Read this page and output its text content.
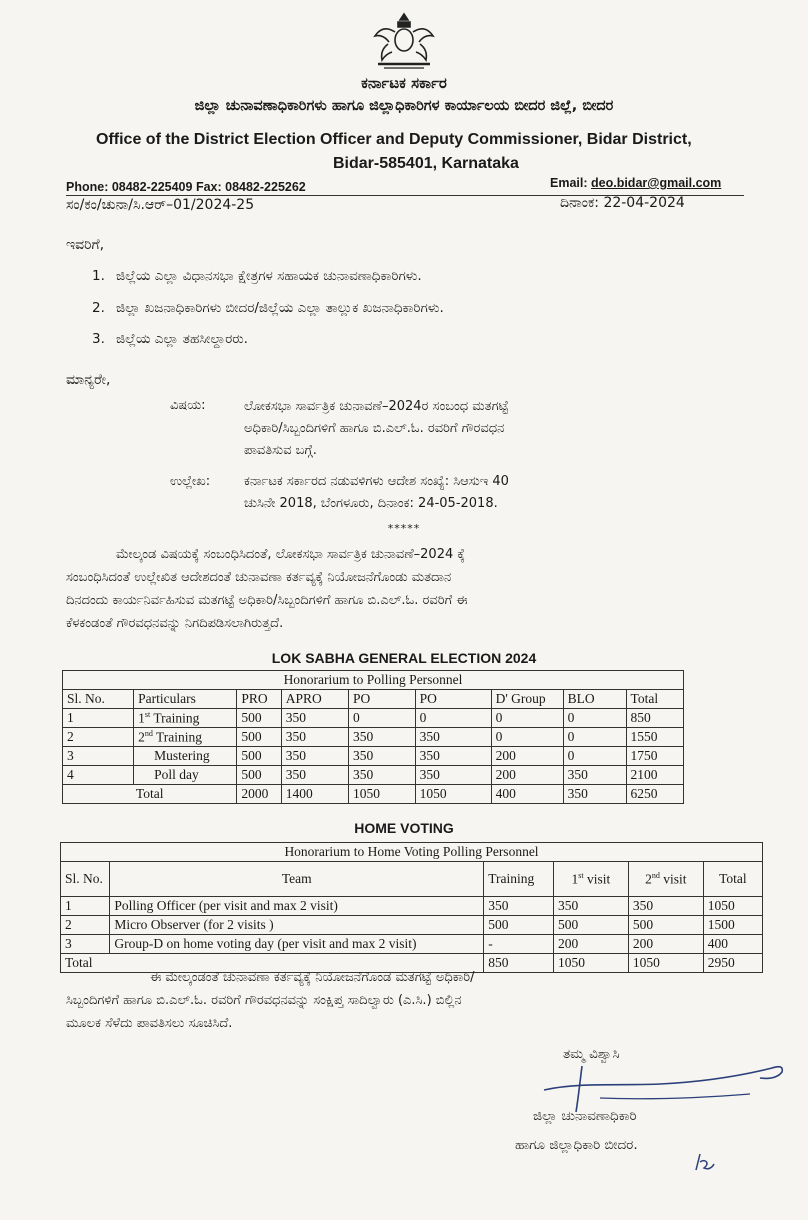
ಕರ್ನಾಟಕ ಸರ್ಕಾರ
ಜಿಲ್ಲಾ ಚುನಾವಣಾಧಿಕಾರಿಗಳು ಹಾಗೂ ಜಿಲ್ಲಾಧಿಕಾರಿಗಳ ಕಾರ್ಯಾಲಯ ಬೀದರ ಜಿಲ್ಲೆ, ಬೀದರ
Office of the District Election Officer and Deputy Commissioner, Bidar District,
Bidar-585401, Karnataka
Phone: 08482-225409 Fax: 08482-225262	Email: deo.bidar@gmail.com
ಸಂ/ಕಂ/ಚುನಾ/ಸಿ.ಆರ್–01/2024-25	ದಿನಾಂಕ: 22-04-2024
ಇವರಿಗೆ,
1. ಜಿಲ್ಲೆಯ ಎಲ್ಲಾ ವಿಧಾನಸಭಾ ಕ್ಷೇತ್ರಗಳ ಸಹಾಯಕ ಚುನಾವಣಾಧಿಕಾರಿಗಳು.
2. ಜಿಲ್ಲಾ ಖಜನಾಧಿಕಾರಿಗಳು ಬೀದರ/ಜಿಲ್ಲೆಯ ಎಲ್ಲಾ ತಾಲ್ಲುಕ ಖಜನಾಧಿಕಾರಿಗಳು.
3. ಜಿಲ್ಲೆಯ ಎಲ್ಲಾ ತಹಸೀಲ್ದಾರರು.
ಮಾನ್ಯರೇ,
ವಿಷಯ:	ಲೋಕಸಭಾ ಸಾರ್ವತ್ರಿಕ ಚುನಾವಣೆ–2024ರ ಸಂಬಂಧ ಮತಗಟ್ಟೆ
ಅಧಿಕಾರಿ/ಸಿಬ್ಬಂದಿಗಳಿಗೆ ಹಾಗೂ ಬಿ.ಎಲ್.ಓ. ರವರಿಗೆ ಗೌರವಧನ
ಪಾವತಿಸುವ ಬಗ್ಗೆ.
ಉಲ್ಲೇಖ:	ಕರ್ನಾಟಕ ಸರ್ಕಾರದ ನಡುವಳಿಗಳು ಆದೇಶ ಸಂಖ್ಯೆ: ಸಿಆಸುಇ 40
ಚುಸಿನೇ 2018, ಬೆಂಗಳೂರು, ದಿನಾಂಕ: 24-05-2018.
*****
ಮೇಲ್ಕಂಡ ವಿಷಯಕ್ಕೆ ಸಂಬಂಧಿಸಿದಂತೆ, ಲೋಕಸಭಾ ಸಾರ್ವತ್ರಿಕ ಚುನಾವಣೆ–2024 ಕ್ಕೆ
ಸಂಬಂಧಿಸಿದಂತೆ ಉಲ್ಲೇಖಿತ ಆದೇಶದಂತೆ ಚುನಾವಣಾ ಕರ್ತವ್ಯಕ್ಕೆ ನಿಯೋಜನೆಗೊಂಡು ಮತದಾನ
ದಿನದಂದು ಕಾರ್ಯನಿರ್ವಹಿಸುವ ಮತಗಟ್ಟೆ ಅಧಿಕಾರಿ/ಸಿಬ್ಬಂದಿಗಳಿಗೆ ಹಾಗೂ ಬಿ.ಎಲ್.ಓ. ರವರಿಗೆ ಈ
ಕೆಳಕಂಡಂತೆ ಗೌರವಧನವನ್ನು ನಿಗದಿಪಡಿಸಲಾಗಿರುತ್ತದೆ.
LOK SABHA GENERAL ELECTION 2024
Honorarium to Polling Personnel								
Sl. No.	Particulars	PRO	APRO	PO	PO	D' Group	BLO	Total
1	1st Training	500	350	0	0	0	0	850
2	2nd Training	500	350	350	350	0	0	1550
3	Mustering	500	350	350	350	200	0	1750
4	Poll day	500	350	350	350	200	350	2100
Total		2000	1400	1050	1050	400	350	6250
HOME VOTING
Honorarium to Home Voting Polling Personnel					
Sl. No.	Team	Training	1st visit	2nd visit	Total
1	Polling Officer (per visit and max 2 visit)	350	350	350	1050
2	Micro Observer (for 2 visits )	500	500	500	1500
3	Group-D on home voting day (per visit and max 2 visit)	-	200	200	400
Total		850	1050	1050	2950
ಈ ಮೇಲ್ಕಂಡಂತೆ ಚುನಾವಣಾ ಕರ್ತವ್ಯಕ್ಕೆ ನಿಯೋಜನೆಗೊಂಡ ಮತಗಟ್ಟೆ ಅಧಿಕಾರಿ/
ಸಿಬ್ಬಂದಿಗಳಿಗೆ ಹಾಗೂ ಬಿ.ಎಲ್.ಓ. ರವರಿಗೆ ಗೌರವಧನವನ್ನು ಸಂಕ್ಷಿಪ್ತ ಸಾದಿಲ್ವಾರು (ಎ.ಸಿ.) ಬಿಲ್ಲಿನ
ಮೂಲಕ ಸೆಳೆದು ಪಾವತಿಸಲು ಸೂಚಿಸಿದೆ.
ತಮ್ಮ ವಿಶ್ವಾಸಿ
ಜಿಲ್ಲಾ ಚುನಾವಣಾಧಿಕಾರಿ
ಹಾಗೂ ಜಿಲ್ಲಾಧಿಕಾರಿ ಬೀದರ.
